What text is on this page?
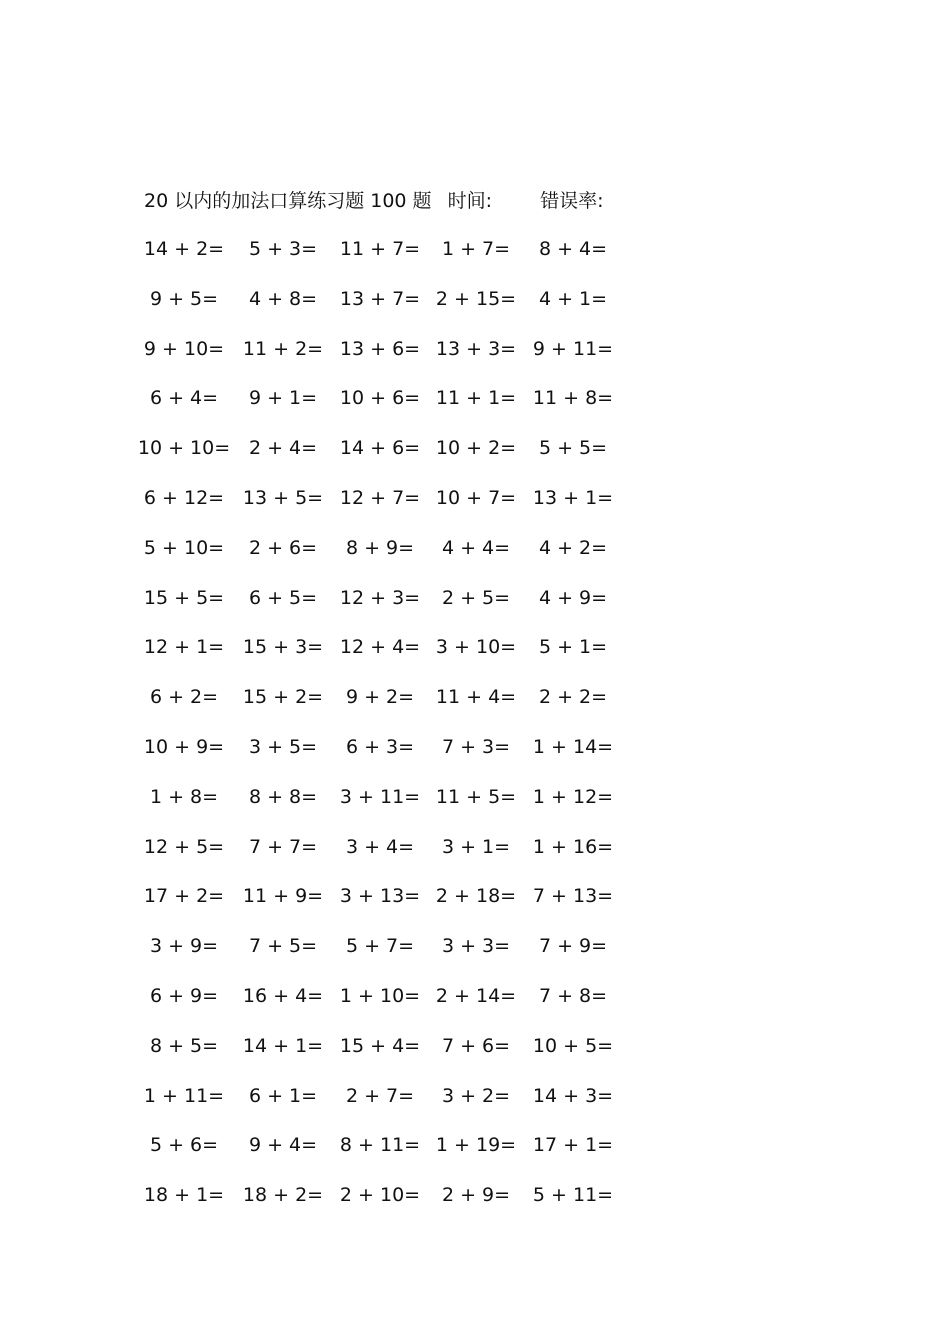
20 以内的加法口算练习题 100 题 时间:	错误率:
14 + 2= 5 + 3= 11 + 7= 1 + 7= 8 + 4=
9 + 5= 4 + 8= 13 + 7= 2 + 15= 4 + 1=
9 + 10= 11 + 2= 13 + 6= 13 + 3= 9 + 11=
6 + 4= 9 + 1= 10 + 6= 11 + 1= 11 + 8=
10 + 10= 2 + 4= 14 + 6= 10 + 2= 5 + 5=
6 + 12= 13 + 5= 12 + 7= 10 + 7= 13 + 1=
5 + 10= 2 + 6= 8 + 9= 4 + 4= 4 + 2=
15 + 5= 6 + 5= 12 + 3= 2 + 5= 4 + 9=
12 + 1= 15 + 3= 12 + 4= 3 + 10= 5 + 1=
6 + 2= 15 + 2= 9 + 2= 11 + 4= 2 + 2=
10 + 9= 3 + 5= 6 + 3= 7 + 3= 1 + 14=
1 + 8= 8 + 8= 3 + 11= 11 + 5= 1 + 12=
12 + 5= 7 + 7= 3 + 4= 3 + 1= 1 + 16=
17 + 2= 11 + 9= 3 + 13= 2 + 18= 7 + 13=
3 + 9= 7 + 5= 5 + 7= 3 + 3= 7 + 9=
6 + 9= 16 + 4= 1 + 10= 2 + 14= 7 + 8=
8 + 5= 14 + 1= 15 + 4= 7 + 6= 10 + 5=
1 + 11= 6 + 1= 2 + 7= 3 + 2= 14 + 3=
5 + 6= 9 + 4= 8 + 11= 1 + 19= 17 + 1=
18 + 1= 18 + 2= 2 + 10= 2 + 9= 5 + 11=
